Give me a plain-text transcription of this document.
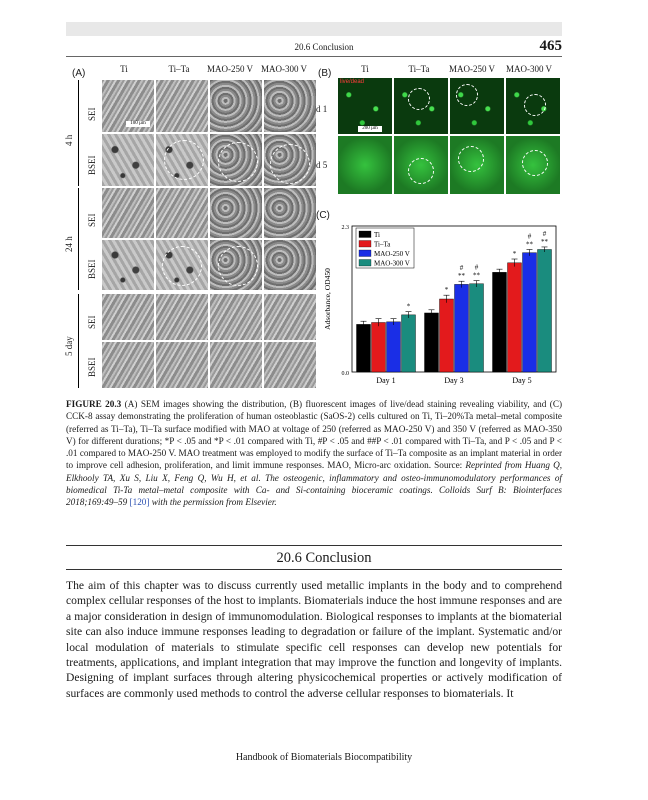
20.6 Conclusion	465
(A)	Ti	Ti–Ta	MAO-250 V MAO-300 V
4 h
24 h
5 day
SEI
BSEI
SEI
BSEI
SEI
BSEI
100 µm
(B)	Ti	Ti–Ta	MAO-250 V	MAO-300 V
d 1
d 5
live/dead
200 µm
(C)
0.0
2.3
Adsorbance, OD450
Day 1	Day 3	Day 5
*
*
#
**
#
**
*
#
**
#
**
Ti
Ti–Ta
MAO-250 V
MAO-300 V
FIGURE 20.3 (A) SEM images showing the distribution, (B) fluorescent images of live/dead staining revealing viability, and (C) CCK-8 assay demonstrating the proliferation of human osteoblastic (SaOS-2) cells cultured on Ti, Ti–20%Ta metal–metal composite (referred as Ti–Ta), Ti–Ta surface modified with MAO at voltage of 250 (referred as MAO-250 V) and 350 V (referred as MAO-350 V) for different durations; *P < .05 and *P < .01 compared with Ti, #P < .05 and ##P < .01 compared with Ti–Ta, and P < .05 and P < .01 compared to MAO-250 V. MAO treatment was employed to modify the surface of Ti–Ta composite as an implant material in order to improve cell adhesion, proliferation, and limit immune responses. MAO, Micro-arc oxidation. Source: Reprinted from Huang Q, Elkhooly TA, Xu S, Liu X, Feng Q, Wu H, et al. The osteogenic, inflammatory and osteo-immunomodulatory performances of biomedical Ti-Ta metal–metal composite with Ca- and Si-containing bioceramic coatings. Colloids Surf B: Biointerfaces 2018;169:49–59 [120] with the permission from Elsevier.
20.6 Conclusion
The aim of this chapter was to discuss currently used metallic implants in the body and to comprehend complex cellular responses of the host to implants. Biomaterials induce the host immune responses and are a major consideration in design of immunomodulation. Biological responses to implants at the biomaterial site can also induce immune responses leading to degradation or failure of the implant. Systematic and/or local modulation of materials to stimulate specific cell responses can develop new potentials for treatments, applications, and implant integration that may improve the function and longevity of implants. Designing of implant surfaces through altering physicochemical properties or actively modification of surfaces are commonly used methods to control the adverse cellular responses to biomaterials. It
Handbook of Biomaterials Biocompatibility
